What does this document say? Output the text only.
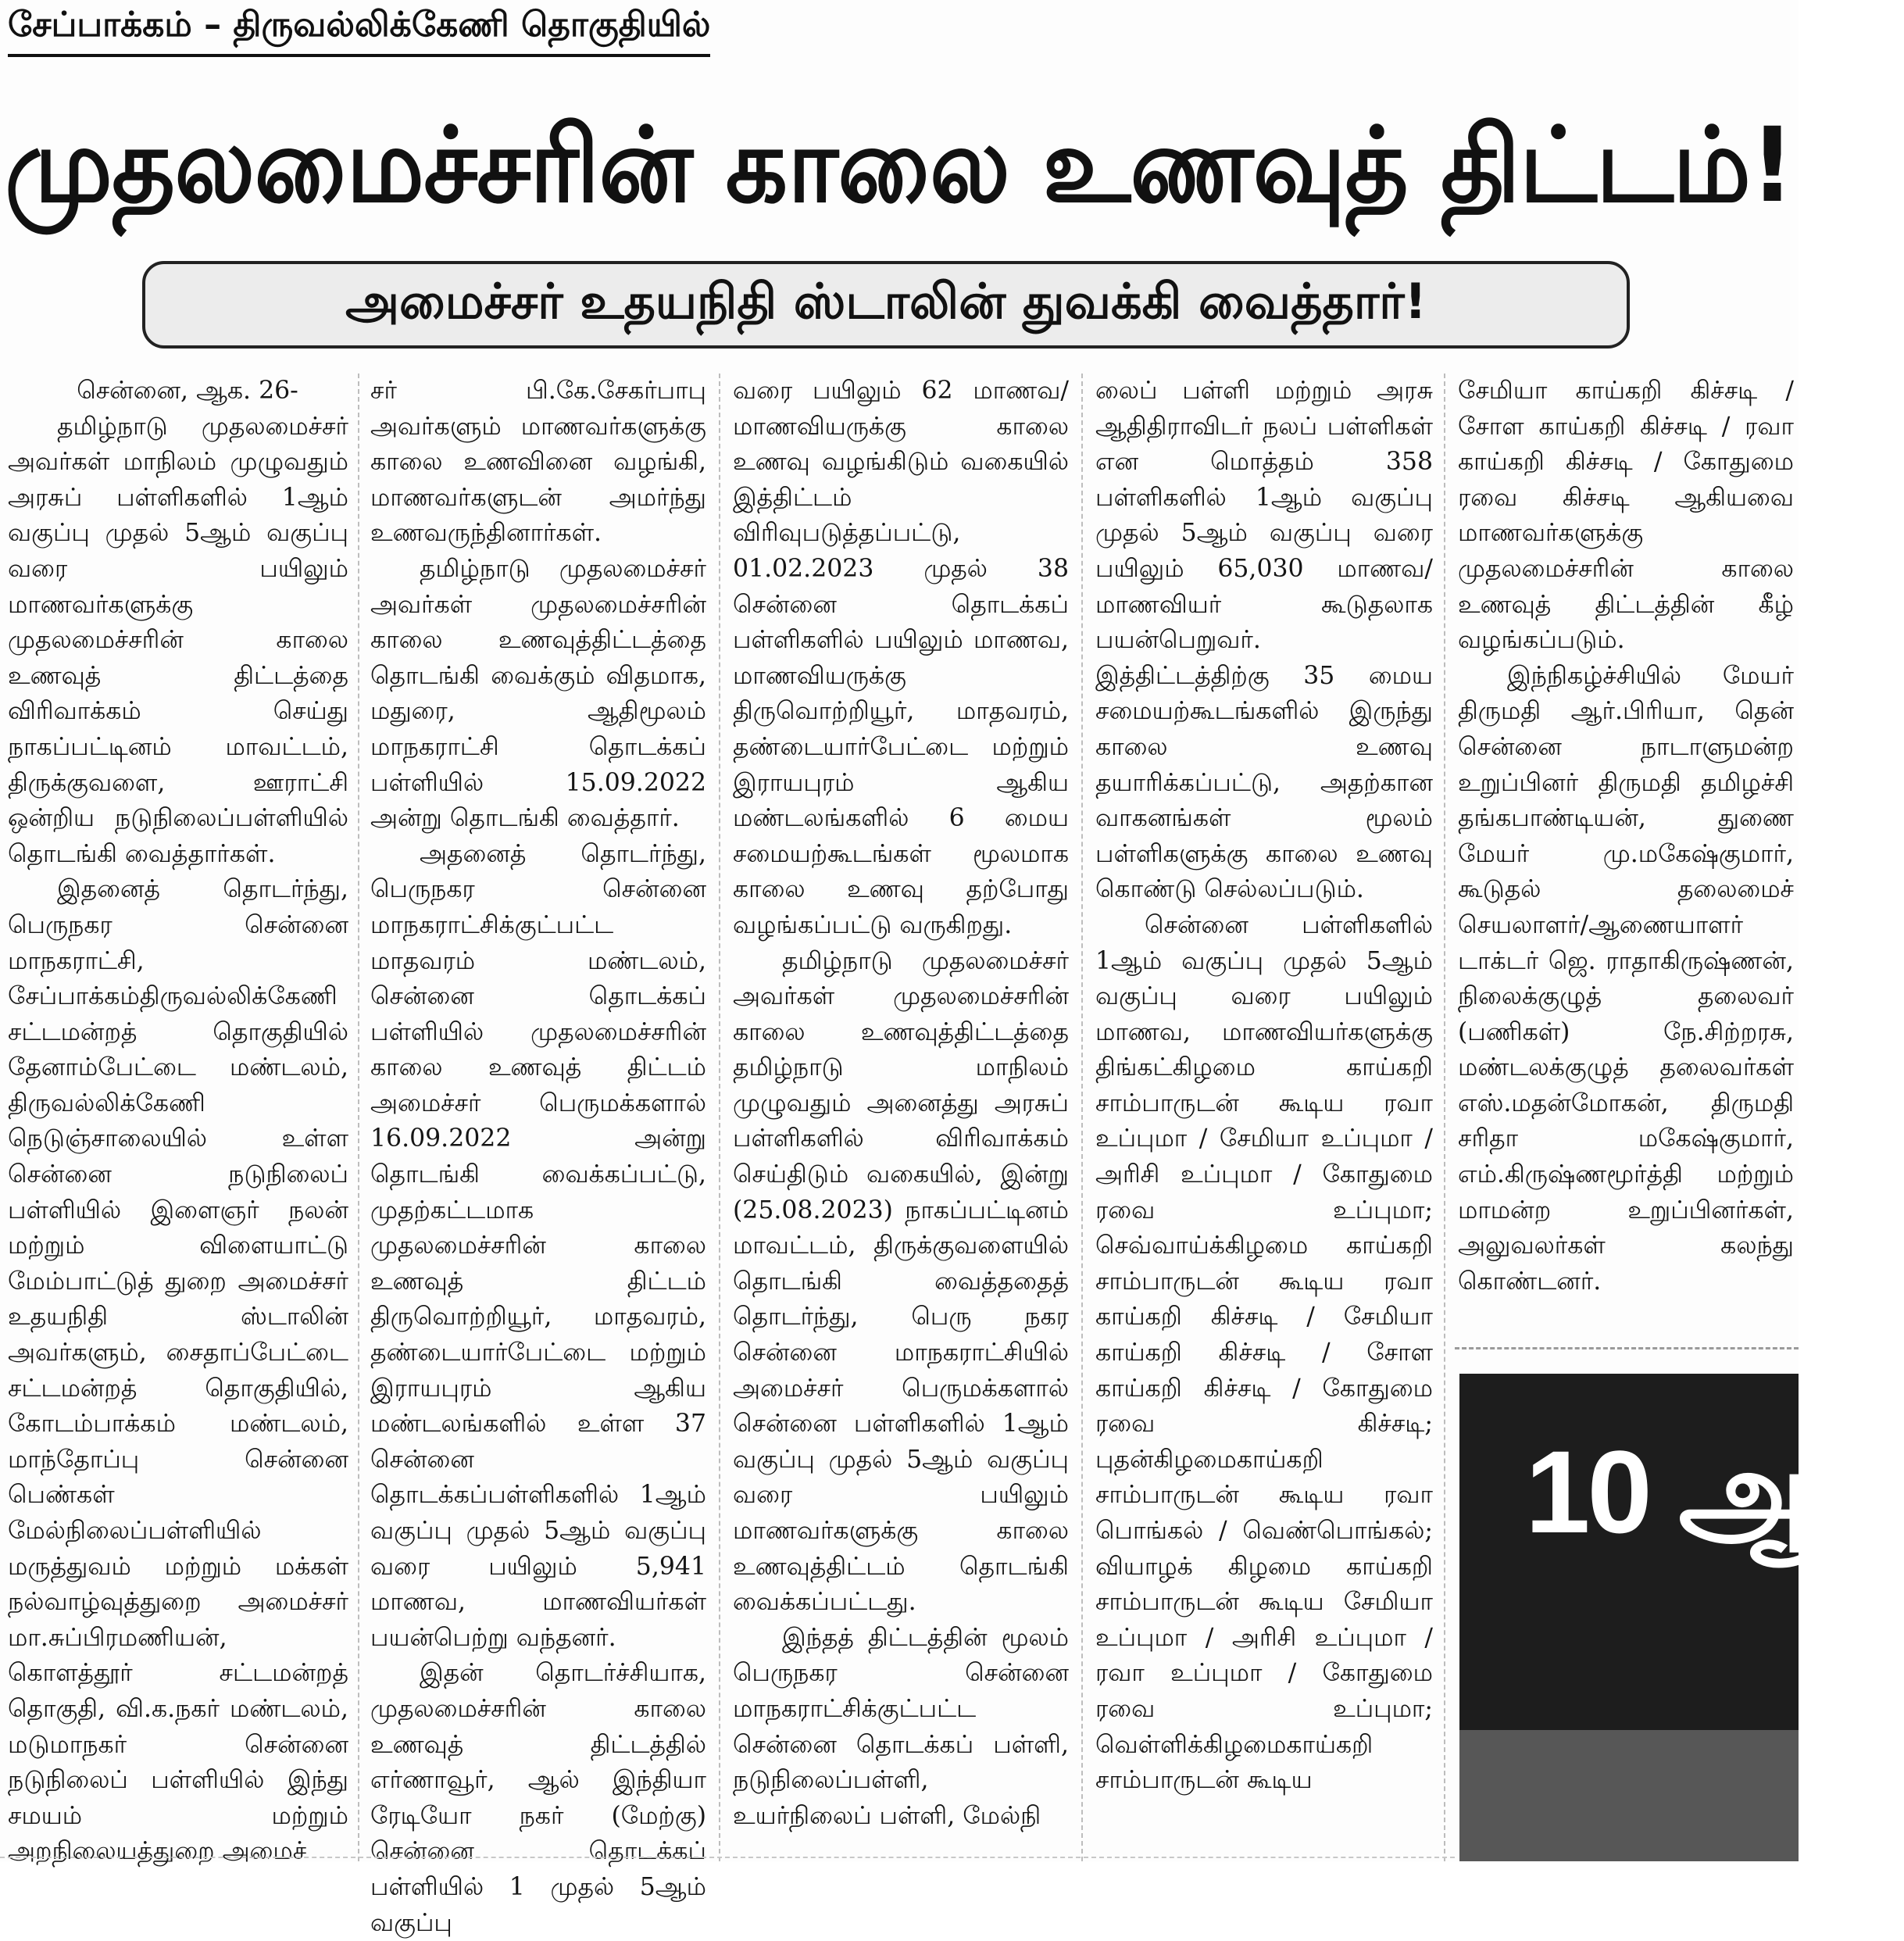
சேப்பாக்கம் – திருவல்லிக்கேணி தொகுதியில்
முதலமைச்சரின் காலை உணவுத் திட்டம்!
அமைச்சர் உதயநிதி ஸ்டாலின் துவக்கி வைத்தார்!

சென்னை, ஆக. 26-

தமிழ்நாடு முதலமைச்சர் அவர்கள் மாநிலம் முழுவதும் அரசுப் பள்ளிகளில் 1ஆம் வகுப்பு முதல் 5ஆம் வகுப்பு வரை பயிலும் மாணவர்களுக்கு முதலமைச்சரின் காலை உணவுத் திட்டத்தை விரிவாக்கம் செய்து நாகப்பட்டினம் மாவட்டம், திருக்குவளை, ஊராட்சி ஒன்றிய நடுநிலைப்பள்ளியில் தொடங்கி வைத்தார்கள்.

இதனைத் தொடர்ந்து, பெருநகர சென்னை மாநகராட்சி, சேப்பாக்கம்திருவல்லிக்கேணி சட்டமன்றத் தொகுதியில் தேனாம்பேட்டை மண்டலம், திருவல்லிக்கேணி நெடுஞ்சாலையில் உள்ள சென்னை நடுநிலைப் பள்ளியில் இளைஞர் நலன் மற்றும் விளையாட்டு மேம்பாட்டுத் துறை அமைச்சர் உதயநிதி ஸ்டாலின் அவர்களும், சைதாப்பேட்டை சட்டமன்றத் தொகுதியில், கோடம்பாக்கம் மண்டலம், மாந்தோப்பு சென்னை பெண்கள் மேல்நிலைப்பள்ளியில் மருத்துவம் மற்றும் மக்கள் நல்வாழ்வுத்துறை அமைச்சர் மா.சுப்பிரமணியன், கொளத்தூர் சட்டமன்றத் தொகுதி, வி.க.நகர் மண்டலம், மடுமாநகர் சென்னை நடுநிலைப் பள்ளியில் இந்து சமயம் மற்றும் அறநிலையத்துறை அமைச்

சர் பி.கே.சேகர்பாபு அவர்களும் மாணவர்களுக்கு காலை உணவினை வழங்கி, மாணவர்களுடன் அமர்ந்து உணவருந்தினார்கள்.

தமிழ்நாடு முதலமைச்சர் அவர்கள் முதலமைச்சரின் காலை உணவுத்திட்டத்தை தொடங்கி வைக்கும் விதமாக, மதுரை, ஆதிமூலம் மாநகராட்சி தொடக்கப் பள்ளியில் 15.09.2022 அன்று தொடங்கி வைத்தார்.

அதனைத் தொடர்ந்து, பெருநகர சென்னை மாநகராட்சிக்குட்பட்ட மாதவரம் மண்டலம், சென்னை தொடக்கப் பள்ளியில் முதலமைச்சரின் காலை உணவுத் திட்டம் அமைச்சர் பெருமக்களால் 16.09.2022 அன்று தொடங்கி வைக்கப்பட்டு, முதற்கட்டமாக முதலமைச்சரின் காலை உணவுத் திட்டம் திருவொற்றியூர், மாதவரம், தண்டையார்பேட்டை மற்றும் இராயபுரம் ஆகிய மண்டலங்களில் உள்ள 37 சென்னை தொடக்கப்பள்ளிகளில் 1ஆம் வகுப்பு முதல் 5ஆம் வகுப்பு வரை பயிலும் 5,941 மாணவ, மாணவியர்கள் பயன்பெற்று வந்தனர்.

இதன் தொடர்ச்சியாக, முதலமைச்சரின் காலை உணவுத் திட்டத்தில் எர்ணாவூர், ஆல் இந்தியா ரேடியோ நகர் (மேற்கு) சென்னை தொடக்கப் பள்ளியில் 1 முதல் 5ஆம் வகுப்பு

வரை பயிலும் 62 மாணவ/மாணவியருக்கு காலை உணவு வழங்கிடும் வகையில் இத்திட்டம் விரிவுபடுத்தப்பட்டு, 01.02.2023 முதல் 38 சென்னை தொடக்கப் பள்ளிகளில் பயிலும் மாணவ, மாணவியருக்கு திருவொற்றியூர், மாதவரம், தண்டையார்பேட்டை மற்றும் இராயபுரம் ஆகிய மண்டலங்களில் 6 மைய சமையற்கூடங்கள் மூலமாக காலை உணவு தற்போது வழங்கப்பட்டு வருகிறது.

தமிழ்நாடு முதலமைச்சர் அவர்கள் முதலமைச்சரின் காலை உணவுத்திட்டத்தை தமிழ்நாடு மாநிலம் முழுவதும் அனைத்து அரசுப் பள்ளிகளில் விரிவாக்கம் செய்திடும் வகையில், இன்று (25.08.2023) நாகப்பட்டினம் மாவட்டம், திருக்குவளையில் தொடங்கி வைத்ததைத் தொடர்ந்து, பெரு நகர சென்னை மாநகராட்சியில் அமைச்சர் பெருமக்களால் சென்னை பள்ளிகளில் 1ஆம் வகுப்பு முதல் 5ஆம் வகுப்பு வரை பயிலும் மாணவர்களுக்கு காலை உணவுத்திட்டம் தொடங்கி வைக்கப்பட்டது.

இந்தத் திட்டத்தின் மூலம் பெருநகர சென்னை மாநகராட்சிக்குட்பட்ட சென்னை தொடக்கப் பள்ளி, நடுநிலைப்பள்ளி, உயர்நிலைப் பள்ளி, மேல்நி

லைப் பள்ளி மற்றும் அரசு ஆதிதிராவிடர் நலப் பள்ளிகள் என மொத்தம் 358 பள்ளிகளில் 1ஆம் வகுப்பு முதல் 5ஆம் வகுப்பு வரை பயிலும் 65,030 மாணவ/மாணவியர் கூடுதலாக பயன்பெறுவர். இத்திட்டத்திற்கு 35 மைய சமையற்கூடங்களில் இருந்து காலை உணவு தயாரிக்கப்பட்டு, அதற்கான வாகனங்கள் மூலம் பள்ளிகளுக்கு காலை உணவு கொண்டு செல்லப்படும்.

சென்னை பள்ளிகளில் 1ஆம் வகுப்பு முதல் 5ஆம் வகுப்பு வரை பயிலும் மாணவ, மாணவியர்களுக்கு திங்கட்கிழமை காய்கறி சாம்பாருடன் கூடிய ரவா உப்புமா / சேமியா உப்புமா / அரிசி உப்புமா / கோதுமை ரவை உப்புமா; செவ்வாய்க்கிழமை காய்கறி சாம்பாருடன் கூடிய ரவா காய்கறி கிச்சடி / சேமியா காய்கறி கிச்சடி / சோள காய்கறி கிச்சடி / கோதுமை ரவை கிச்சடி; புதன்கிழமைகாய்கறி சாம்பாருடன் கூடிய ரவா பொங்கல் / வெண்பொங்கல்; வியாழக் கிழமை காய்கறி சாம்பாருடன் கூடிய சேமியா உப்புமா / அரிசி உப்புமா / ரவா உப்புமா / கோதுமை ரவை உப்புமா; வெள்ளிக்கிழமைகாய்கறி சாம்பாருடன் கூடிய

சேமியா காய்கறி கிச்சடி / சோள காய்கறி கிச்சடி / ரவா காய்கறி கிச்சடி / கோதுமை ரவை கிச்சடி ஆகியவை மாணவர்களுக்கு முதலமைச்சரின் காலை உணவுத் திட்டத்தின் கீழ் வழங்கப்படும்.

இந்நிகழ்ச்சியில் மேயர் திருமதி ஆர்.பிரியா, தென் சென்னை நாடாளுமன்ற உறுப்பினர் திருமதி தமிழச்சி தங்கபாண்டியன், துணை மேயர் மு.மகேஷ்குமார், கூடுதல் தலைமைச் செயலாளர்/ஆணையாளர் டாக்டர் ஜெ. ராதாகிருஷ்ணன், நிலைக்குழுத் தலைவர் (பணிகள்) நே.சிற்றரசு, மண்டலக்குழுத் தலைவர்கள் எஸ்.மதன்மோகன், திருமதி சரிதா மகேஷ்குமார், எம்.கிருஷ்ணமூர்த்தி மற்றும் மாமன்ற உறுப்பினர்கள், அலுவலர்கள் கலந்து கொண்டனர்.

10 ஆ
